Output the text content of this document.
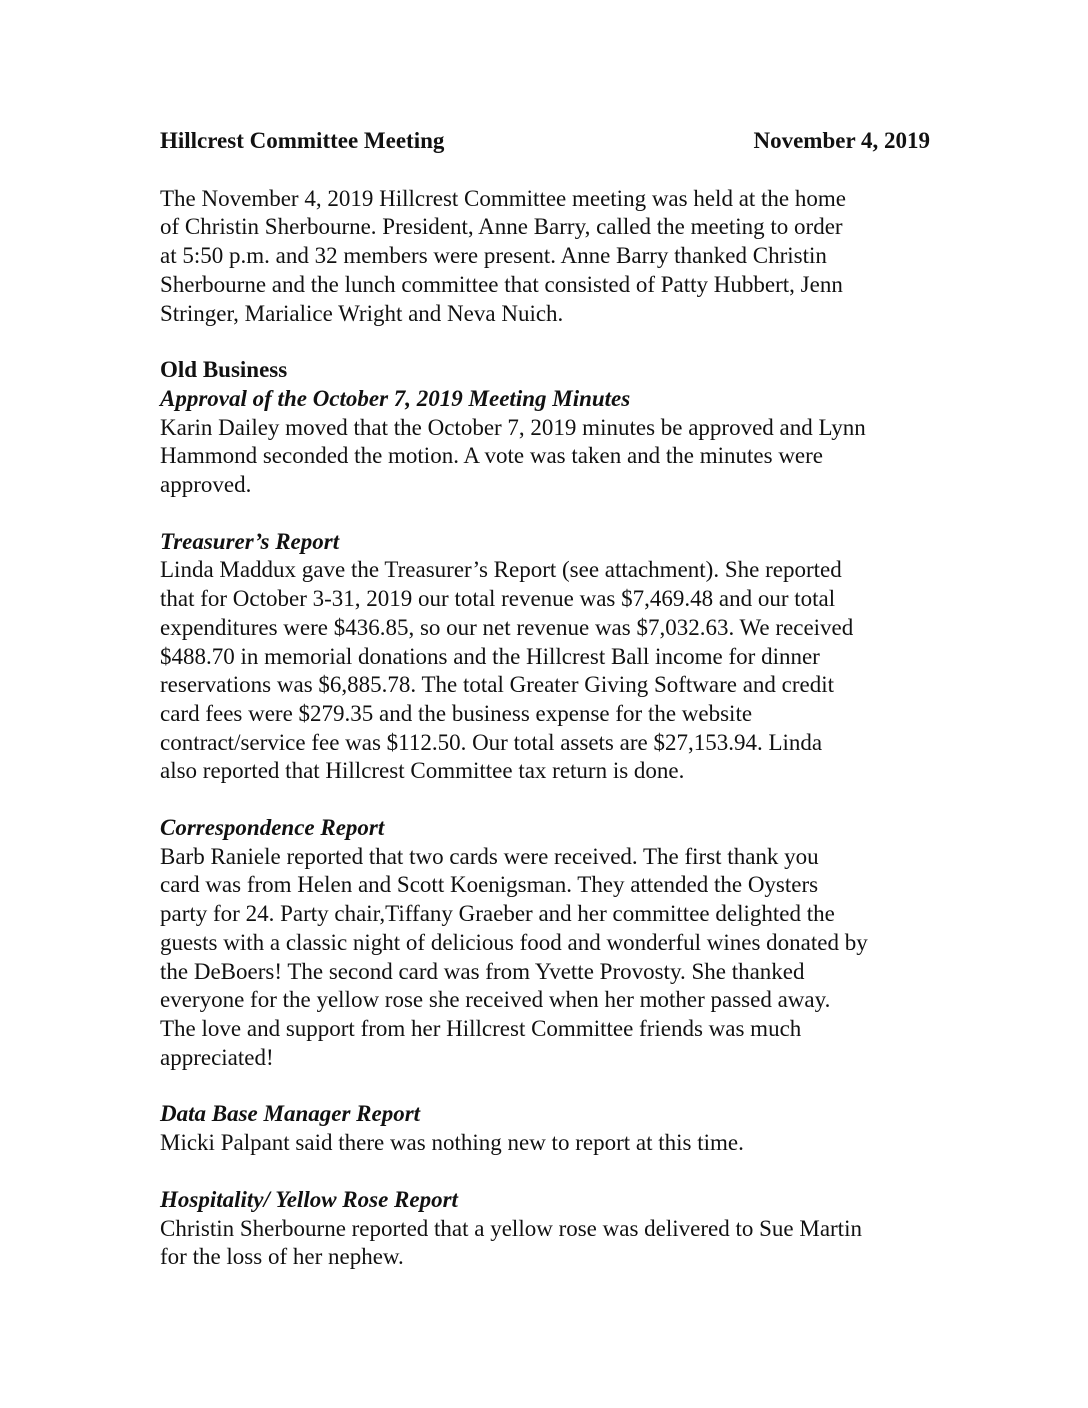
Hillcrest Committee Meeting	November 4, 2019

The November 4, 2019 Hillcrest Committee meeting was held at the home
of Christin Sherbourne. President, Anne Barry, called the meeting to order
at 5:50 p.m. and 32 members were present. Anne Barry thanked Christin
Sherbourne and the lunch committee that consisted of Patty Hubbert, Jenn
Stringer, Marialice Wright and Neva Nuich.

Old Business
Approval of the October 7, 2019 Meeting Minutes

Karin Dailey moved that the October 7, 2019 minutes be approved and Lynn
Hammond seconded the motion. A vote was taken and the minutes were
approved.

Treasurer’s Report

Linda Maddux gave the Treasurer’s Report (see attachment). She reported
that for October 3-31, 2019 our total revenue was $7,469.48 and our total
expenditures were $436.85, so our net revenue was $7,032.63. We received
$488.70 in memorial donations and the Hillcrest Ball income for dinner
reservations was $6,885.78. The total Greater Giving Software and credit
card fees were $279.35 and the business expense for the website
contract/service fee was $112.50. Our total assets are $27,153.94. Linda
also reported that Hillcrest Committee tax return is done.

Correspondence Report

Barb Raniele reported that two cards were received. The first thank you
card was from Helen and Scott Koenigsman. They attended the Oysters
party for 24. Party chair,Tiffany Graeber and her committee delighted the
guests with a classic night of delicious food and wonderful wines donated by
the DeBoers! The second card was from Yvette Provosty. She thanked
everyone for the yellow rose she received when her mother passed away.
The love and support from her Hillcrest Committee friends was much
appreciated!

Data Base Manager Report

Micki Palpant said there was nothing new to report at this time.

Hospitality/ Yellow Rose Report

Christin Sherbourne reported that a yellow rose was delivered to Sue Martin
for the loss of her nephew.
